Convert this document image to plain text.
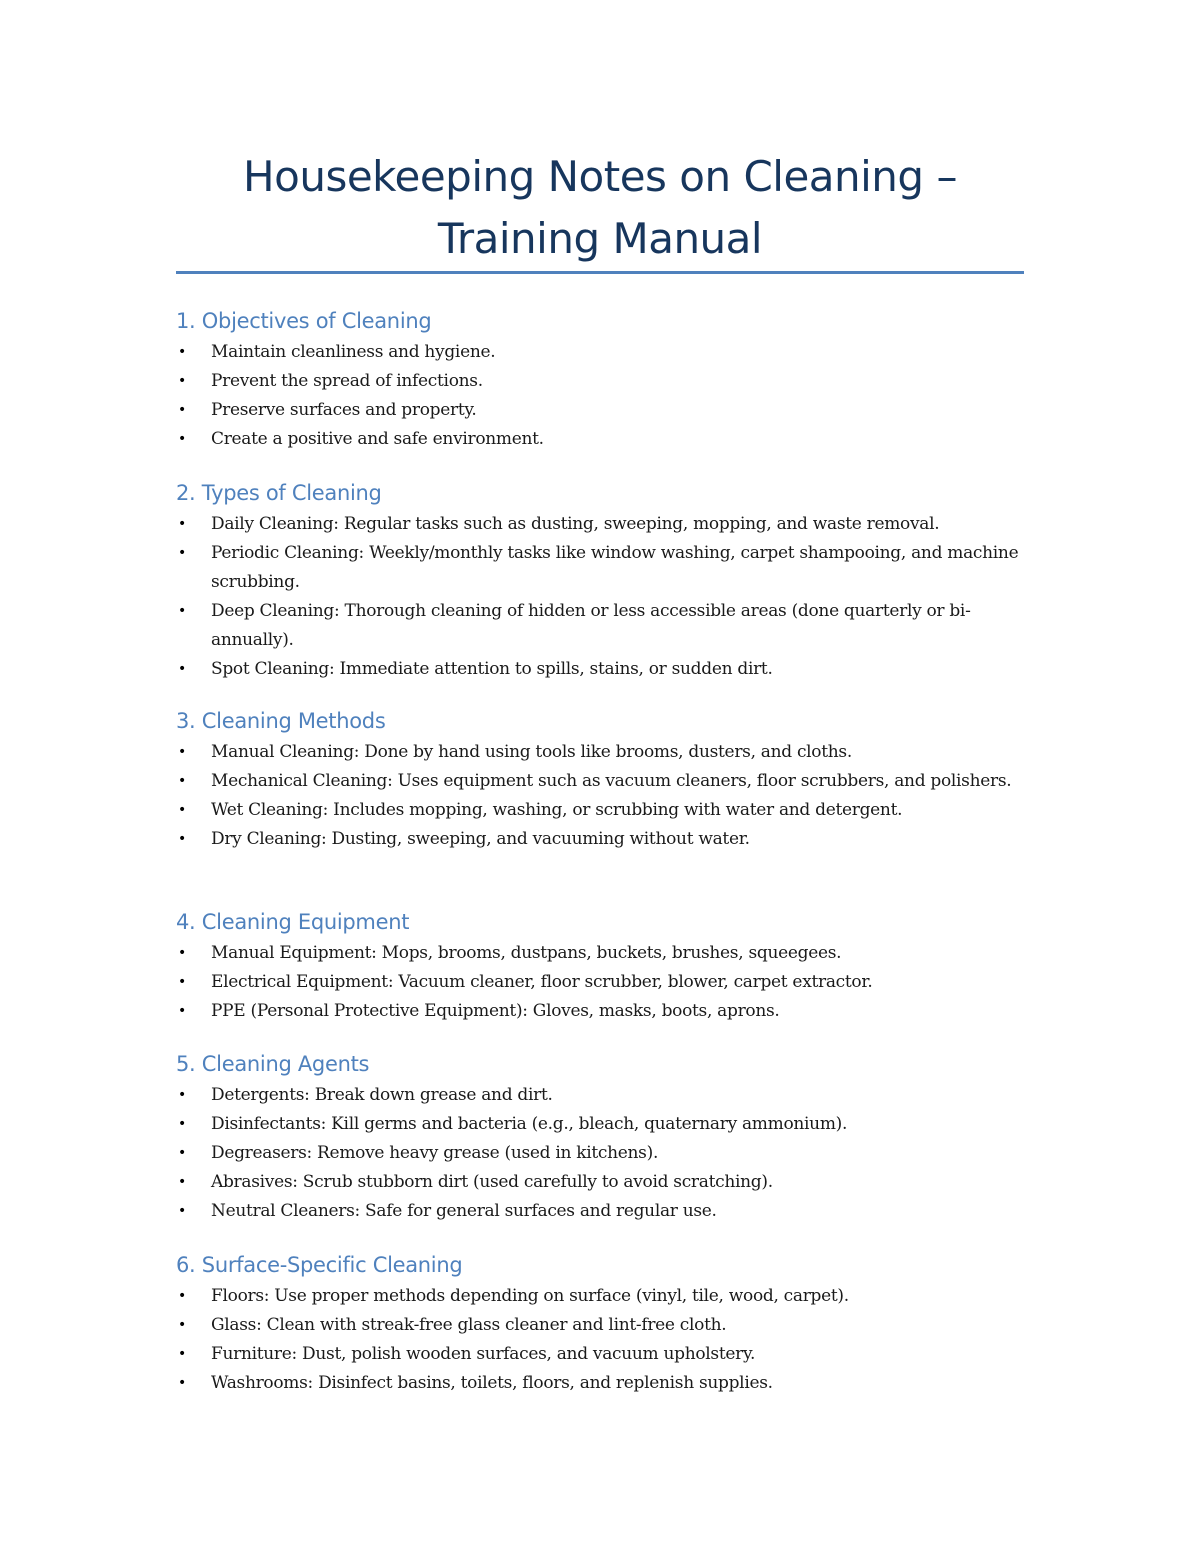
Housekeeping Notes on Cleaning –
Training Manual
1. Objectives of Cleaning
• Maintain cleanliness and hygiene.
• Prevent the spread of infections.
• Preserve surfaces and property.
• Create a positive and safe environment.
2. Types of Cleaning
• Daily Cleaning: Regular tasks such as dusting, sweeping, mopping, and waste removal.
• Periodic Cleaning: Weekly/monthly tasks like window washing, carpet shampooing, and machine scrubbing.
• Deep Cleaning: Thorough cleaning of hidden or less accessible areas (done quarterly or bi-annually).
• Spot Cleaning: Immediate attention to spills, stains, or sudden dirt.
3. Cleaning Methods
• Manual Cleaning: Done by hand using tools like brooms, dusters, and cloths.
• Mechanical Cleaning: Uses equipment such as vacuum cleaners, floor scrubbers, and polishers.
• Wet Cleaning: Includes mopping, washing, or scrubbing with water and detergent.
• Dry Cleaning: Dusting, sweeping, and vacuuming without water.
4. Cleaning Equipment
• Manual Equipment: Mops, brooms, dustpans, buckets, brushes, squeegees.
• Electrical Equipment: Vacuum cleaner, floor scrubber, blower, carpet extractor.
• PPE (Personal Protective Equipment): Gloves, masks, boots, aprons.
5. Cleaning Agents
• Detergents: Break down grease and dirt.
• Disinfectants: Kill germs and bacteria (e.g., bleach, quaternary ammonium).
• Degreasers: Remove heavy grease (used in kitchens).
• Abrasives: Scrub stubborn dirt (used carefully to avoid scratching).
• Neutral Cleaners: Safe for general surfaces and regular use.
6. Surface-Specific Cleaning
• Floors: Use proper methods depending on surface (vinyl, tile, wood, carpet).
• Glass: Clean with streak-free glass cleaner and lint-free cloth.
• Furniture: Dust, polish wooden surfaces, and vacuum upholstery.
• Washrooms: Disinfect basins, toilets, floors, and replenish supplies.
